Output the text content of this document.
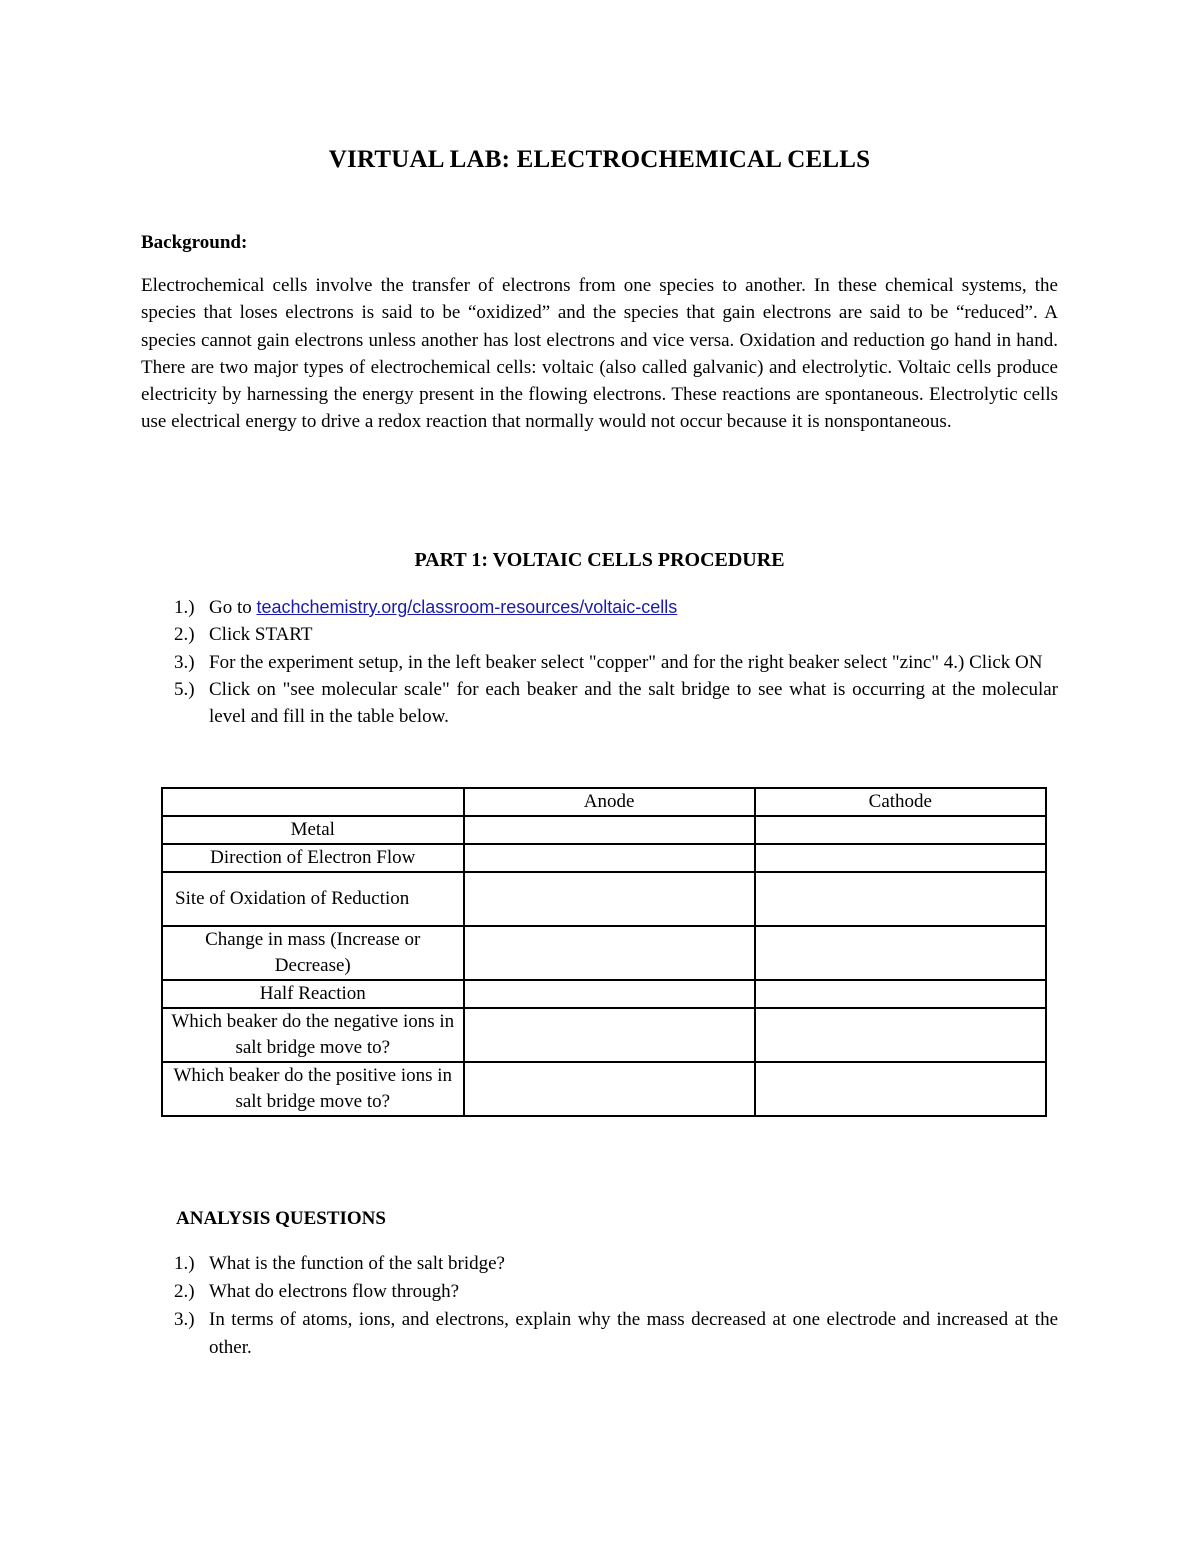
VIRTUAL LAB: ELECTROCHEMICAL CELLS
Background:

Electrochemical cells involve the transfer of electrons from one species to another. In these chemical systems, the species that loses electrons is said to be “oxidized” and the species that gain electrons are said to be “reduced”. A species cannot gain electrons unless another has lost electrons and vice versa. Oxidation and reduction go hand in hand. There are two major types of electrochemical cells: voltaic (also called galvanic) and electrolytic. Voltaic cells produce electricity by harnessing the energy present in the flowing electrons. These reactions are spontaneous. Electrolytic cells use electrical energy to drive a redox reaction that normally would not occur because it is nonspontaneous.

PART 1: VOLTAIC CELLS PROCEDURE
1.) Go to teachchemistry.org/classroom-resources/voltaic-cells
2.) Click START
3.) For the experiment setup, in the left beaker select "copper" and for the right beaker select "zinc" 4.) Click ON
5.) Click on "see molecular scale" for each beaker and the salt bridge to see what is occurring at the molecular level and fill in the table below.
	Anode	Cathode
Metal		
Direction of Electron Flow		
Site of Oxidation of Reduction		
Change in mass (Increase or Decrease)		
Half Reaction		
Which beaker do the negative ions in salt bridge move to?		
Which beaker do the positive ions in salt bridge move to?		
ANALYSIS QUESTIONS
1.) What is the function of the salt bridge?
2.) What do electrons flow through?
3.) In terms of atoms, ions, and electrons, explain why the mass decreased at one electrode and increased at the other.
